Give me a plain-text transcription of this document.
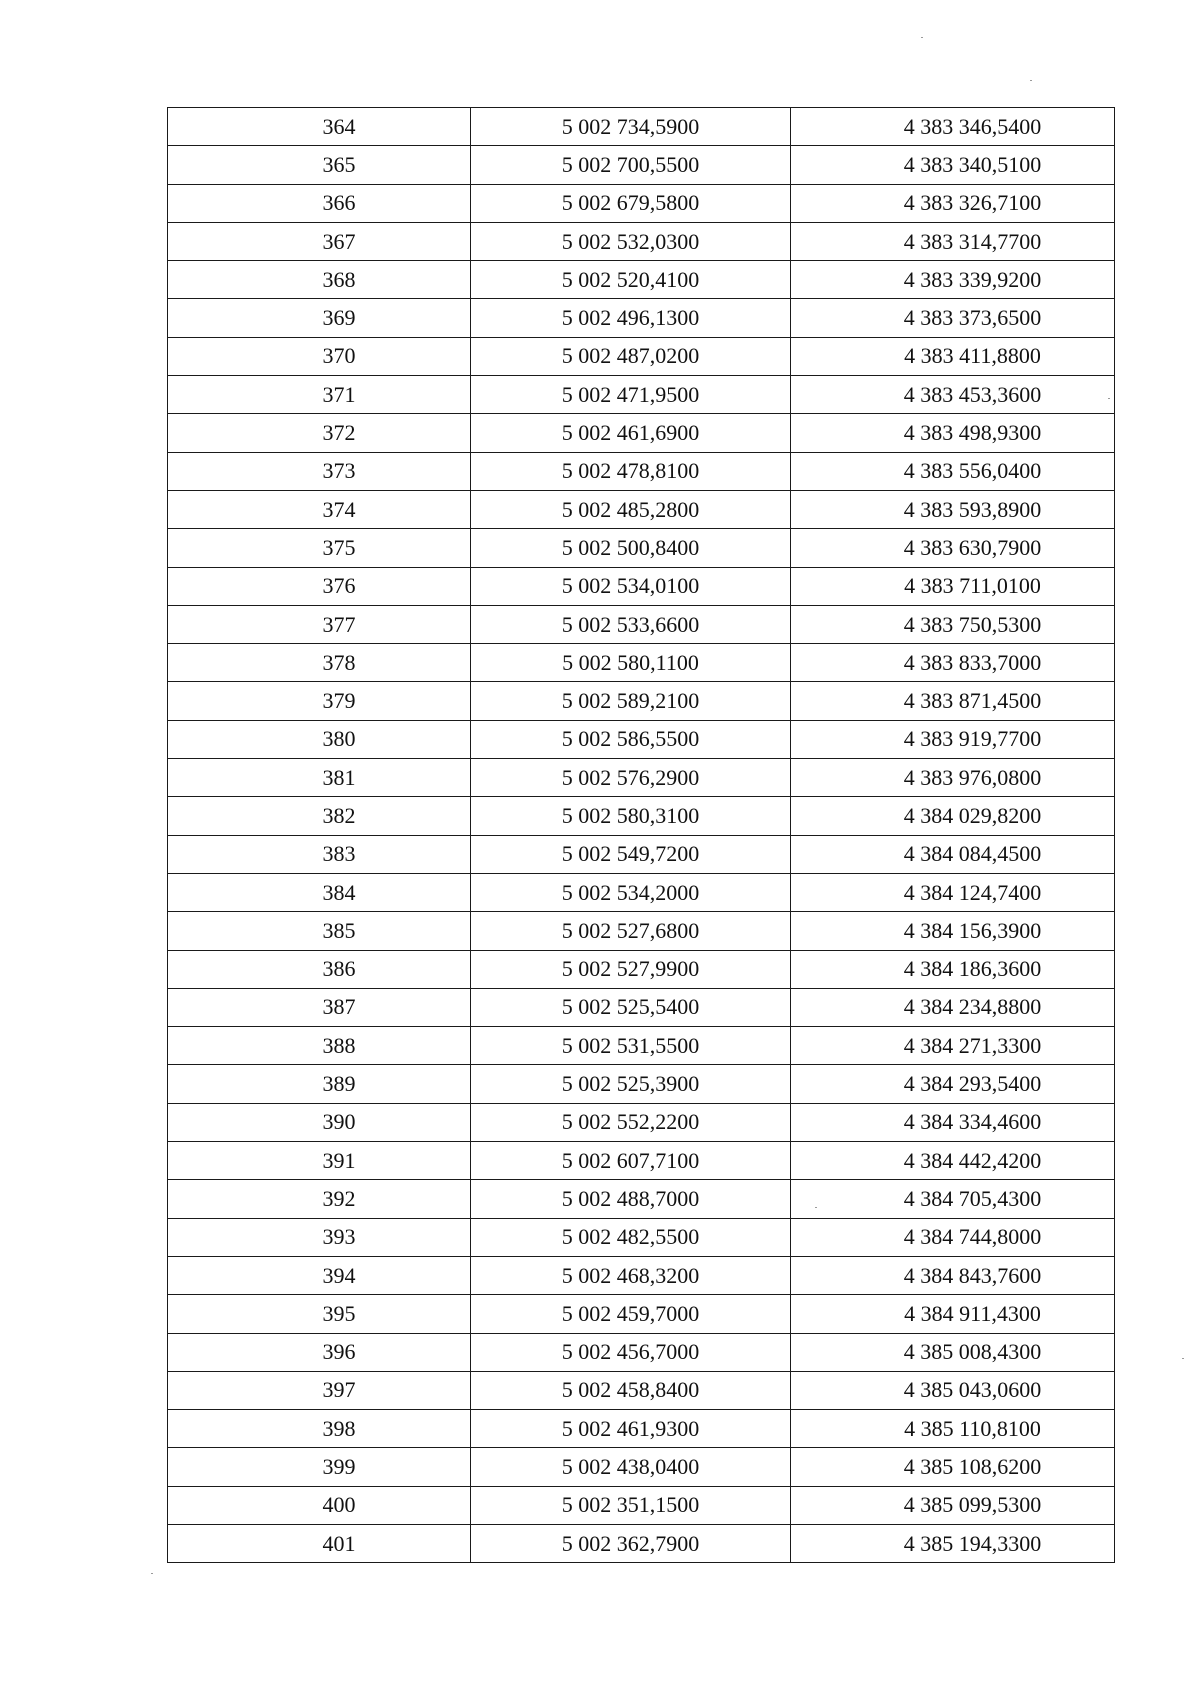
364	5 002 734,5900	4 383 346,5400
365	5 002 700,5500	4 383 340,5100
366	5 002 679,5800	4 383 326,7100
367	5 002 532,0300	4 383 314,7700
368	5 002 520,4100	4 383 339,9200
369	5 002 496,1300	4 383 373,6500
370	5 002 487,0200	4 383 411,8800
371	5 002 471,9500	4 383 453,3600
372	5 002 461,6900	4 383 498,9300
373	5 002 478,8100	4 383 556,0400
374	5 002 485,2800	4 383 593,8900
375	5 002 500,8400	4 383 630,7900
376	5 002 534,0100	4 383 711,0100
377	5 002 533,6600	4 383 750,5300
378	5 002 580,1100	4 383 833,7000
379	5 002 589,2100	4 383 871,4500
380	5 002 586,5500	4 383 919,7700
381	5 002 576,2900	4 383 976,0800
382	5 002 580,3100	4 384 029,8200
383	5 002 549,7200	4 384 084,4500
384	5 002 534,2000	4 384 124,7400
385	5 002 527,6800	4 384 156,3900
386	5 002 527,9900	4 384 186,3600
387	5 002 525,5400	4 384 234,8800
388	5 002 531,5500	4 384 271,3300
389	5 002 525,3900	4 384 293,5400
390	5 002 552,2200	4 384 334,4600
391	5 002 607,7100	4 384 442,4200
392	5 002 488,7000	4 384 705,4300
393	5 002 482,5500	4 384 744,8000
394	5 002 468,3200	4 384 843,7600
395	5 002 459,7000	4 384 911,4300
396	5 002 456,7000	4 385 008,4300
397	5 002 458,8400	4 385 043,0600
398	5 002 461,9300	4 385 110,8100
399	5 002 438,0400	4 385 108,6200
400	5 002 351,1500	4 385 099,5300
401	5 002 362,7900	4 385 194,3300
